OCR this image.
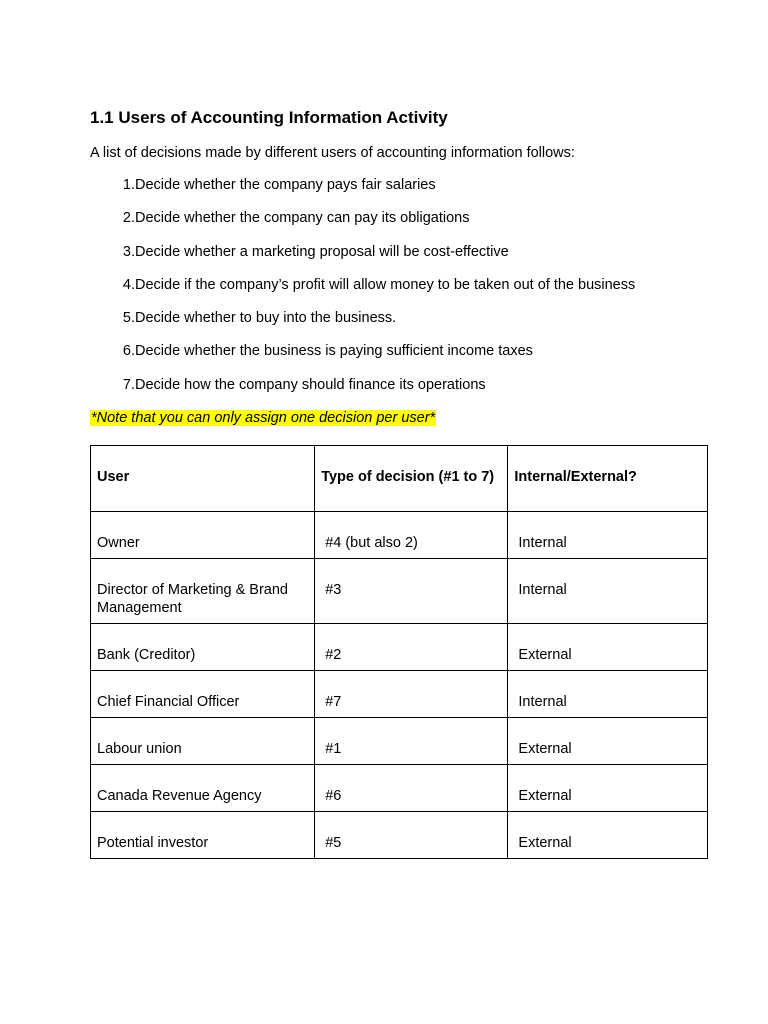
1.1 Users of Accounting Information Activity
A list of decisions made by different users of accounting information follows:
1 . Decide whether the company pays fair salaries
2 . Decide whether the company can pay its obligations
3 . Decide whether a marketing proposal will be cost-effective
4 . Decide if the company’s profit will allow money to be taken out of the business
5 . Decide whether to buy into the business.
6 . Decide whether the business is paying sufficient income taxes
7 . Decide how the company should finance its operations
*Note that you can only assign one decision per user*
User	Type of decision (#1 to 7)	Internal/External?

Owner	#4 (but also 2)	Internal

Director of Marketing & Brand Management	#3	Internal

Bank (Creditor)	#2	External

Chief Financial Officer	#7	Internal

Labour union	#1	External

Canada Revenue Agency	#6	External

Potential investor	#5	External
